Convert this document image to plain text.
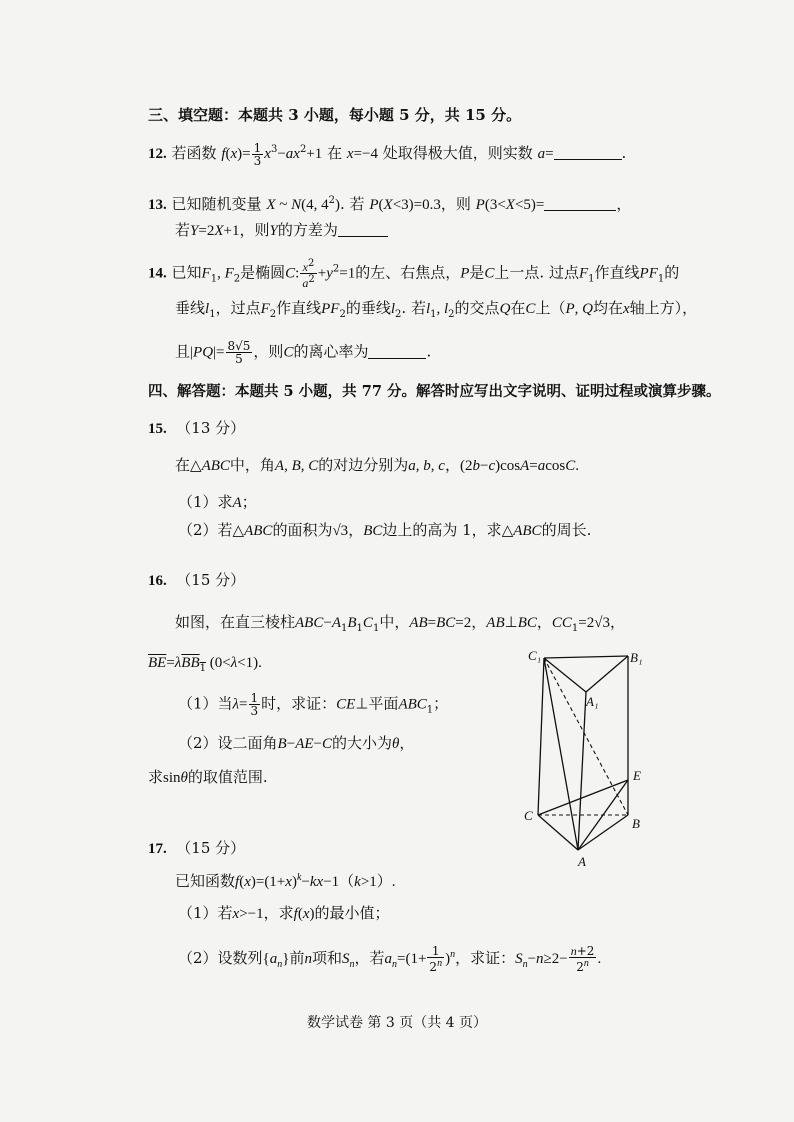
三、填空题：本题共 3 小题，每小题 5 分，共 15 分。
12. 若函数 $f(x)= \frac{1}{3} x^3-ax^2+1$ 在 x=−4 处取得极大值，则实数 a=	.
13. 已知随机变量 X ~ N(4, $4^2$). 若 P(X<3)=0.3，则 P(3<X<5)=	，
若Y=2X+1，则Y的方差为
14. 已知$F_1$, $F_2$是椭圆C: $\frac{x^2}{a^2} +y^2=1$的左、右焦点，P是C上一点. 过点$F_1$作直线$PF_1$的
垂线$l_1$，过点$F_2$作直线$PF_2$的垂线$l_2$. 若$l_1$, $l_2$的交点Q在C上（P, Q均在x轴上方），
且$|PQ|= \frac{8√5}{5}$ ，则C的离心率为	.
四、解答题：本题共 5 小题，共 77 分。解答时应写出文字说明、证明过程或演算步骤。
15. （13 分）
在△ABC中，角A, B, C的对边分别为a, b, c，(2b−c)cosA=acosC.
（1）求A；
（2）若△ABC的面积为√3，BC边上的高为 1，求△ABC的周长.
16. （15 分）
如图，在直三棱柱$ABC-A_1B_1C_1$中，AB=BC=2，AB⊥BC，$CC_1=2√3$，
$\overline{BE}=\lambda\overline{BB}_1$ (0<λ<1).
（1）当$\lambda= \frac{1}{3}$ 时，求证：CE⊥平面$ABC_1$；
（2）设二面角B−AE−C的大小为θ，
求sinθ的取值范围.
C₁	B₁
A₁
E
C
B
A
17. （15 分）
已知函数$f(x)=(1+x)^k-kx-1(k>1)$.
（1）若x>−1，求f(x)的最小值；
（2）设数列$\{a_n\}$前n项和$S_n$，若$a_n=(1+ \frac{1}{2^n} )^n$，求证：$S_n-n\ge 2- \frac{n+2}{2^n}$ .
数学试卷 第 3 页（共 4 页）
